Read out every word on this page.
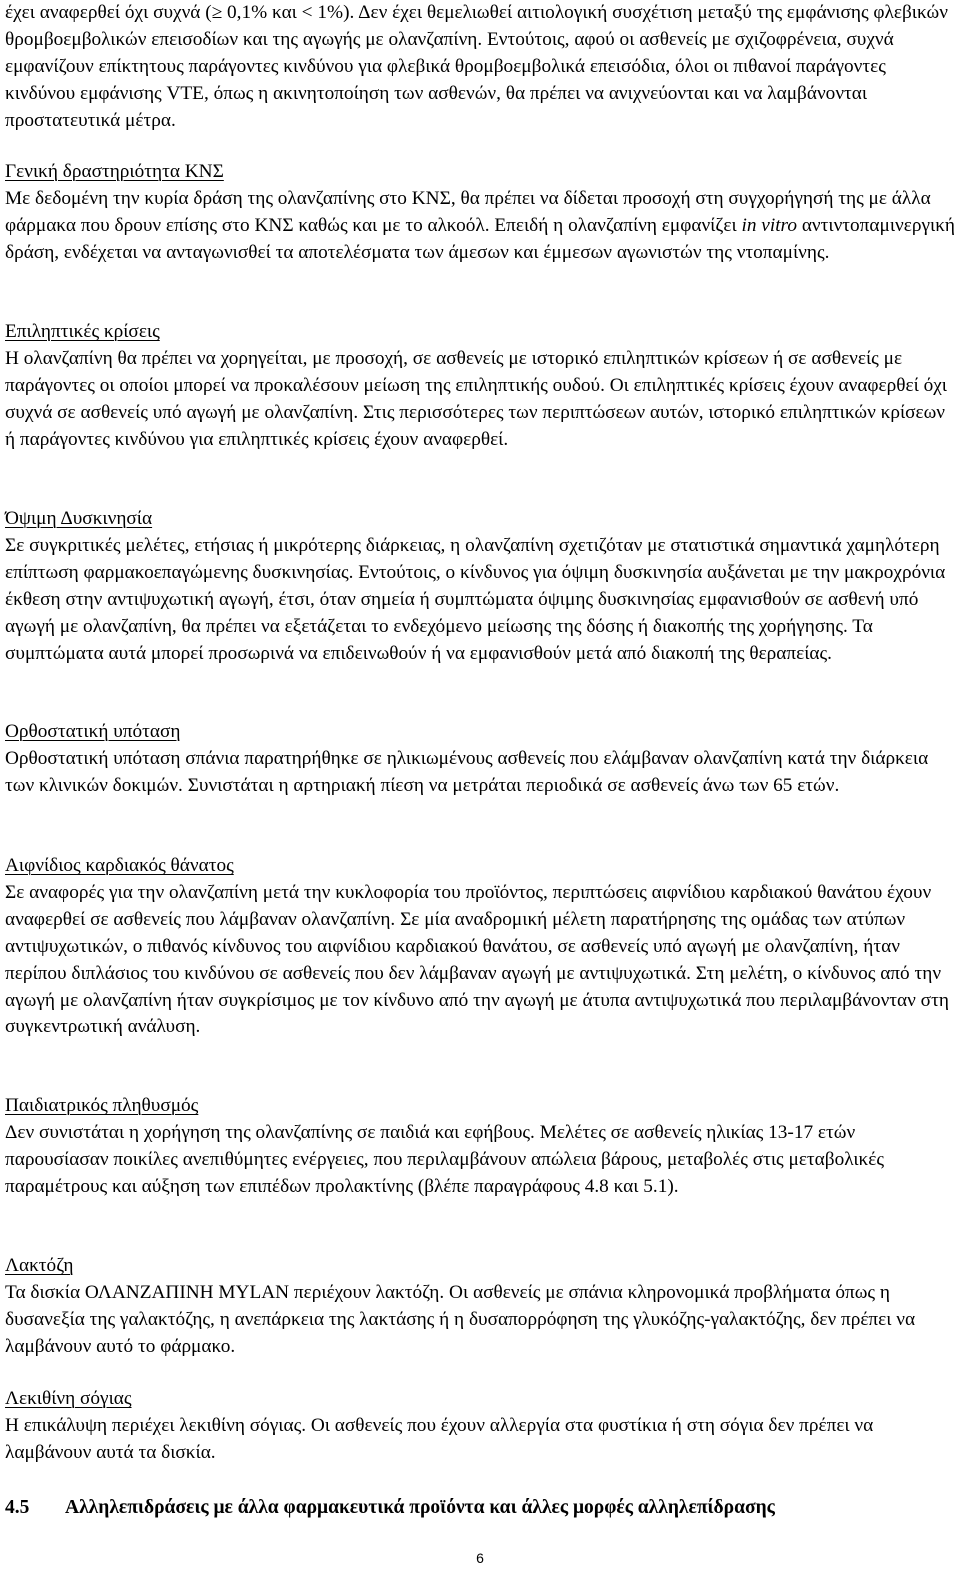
έχει αναφερθεί όχι συχνά (≥ 0,1% και < 1%). Δεν έχει θεμελιωθεί αιτιολογική συσχέτιση μεταξύ της εμφάνισης φλεβικών θρομβοεμβολικών επεισοδίων και της αγωγής με ολανζαπίνη. Εντούτοις, αφού οι ασθενείς με σχιζοφρένεια, συχνά εμφανίζουν επίκτητους παράγοντες κινδύνου για φλεβικά θρομβοεμβολικά επεισόδια, όλοι οι πιθανοί παράγοντες κινδύνου εμφάνισης VTE, όπως η ακινητοποίηση των ασθενών, θα πρέπει να ανιχνεύονται και να λαμβάνονται προστατευτικά μέτρα.

Γενική δραστηριότητα ΚΝΣ

Με δεδομένη την κυρία δράση της ολανζαπίνης στο ΚΝΣ, θα πρέπει να δίδεται προσοχή στη συγχορήγησή της με άλλα φάρμακα που δρουν επίσης στο ΚΝΣ καθώς και με το αλκοόλ. Επειδή η ολανζαπίνη εμφανίζει in vitro αντιντοπαμινεργική δράση, ενδέχεται να ανταγωνισθεί τα αποτελέσματα των άμεσων και έμμεσων αγωνιστών της ντοπαμίνης.

Επιληπτικές κρίσεις

Η ολανζαπίνη θα πρέπει να χορηγείται, με προσοχή, σε ασθενείς με ιστορικό επιληπτικών κρίσεων ή σε ασθενείς με παράγοντες οι οποίοι μπορεί να προκαλέσουν μείωση της επιληπτικής ουδού. Οι επιληπτικές κρίσεις έχουν αναφερθεί όχι συχνά σε ασθενείς υπό αγωγή με ολανζαπίνη. Στις περισσότερες των περιπτώσεων αυτών, ιστορικό επιληπτικών κρίσεων ή παράγοντες κινδύνου για επιληπτικές κρίσεις έχουν αναφερθεί.

Όψιμη Δυσκινησία

Σε συγκριτικές μελέτες, ετήσιας ή μικρότερης διάρκειας, η ολανζαπίνη σχετιζόταν με στατιστικά σημαντικά χαμηλότερη επίπτωση φαρμακοεπαγώμενης δυσκινησίας. Εντούτοις, ο κίνδυνος για όψιμη δυσκινησία αυξάνεται με την μακροχρόνια έκθεση στην αντιψυχωτική αγωγή, έτσι, όταν σημεία ή συμπτώματα όψιμης δυσκινησίας εμφανισθούν σε ασθενή υπό αγωγή με ολανζαπίνη, θα πρέπει να εξετάζεται το ενδεχόμενο μείωσης της δόσης ή διακοπής της χορήγησης. Τα συμπτώματα αυτά μπορεί προσωρινά να επιδεινωθούν ή να εμφανισθούν μετά από διακοπή της θεραπείας.

Ορθοστατική υπόταση

Ορθοστατική υπόταση σπάνια παρατηρήθηκε σε ηλικιωμένους ασθενείς που ελάμβαναν ολανζαπίνη κατά την διάρκεια των κλινικών δοκιμών. Συνιστάται η αρτηριακή πίεση να μετράται περιοδικά σε ασθενείς άνω των 65 ετών.

Αιφνίδιος καρδιακός θάνατος

Σε αναφορές για την ολανζαπίνη μετά την κυκλοφορία του προϊόντος, περιπτώσεις αιφνίδιου καρδιακού θανάτου έχουν αναφερθεί σε ασθενείς που λάμβαναν ολανζαπίνη. Σε μία αναδρομική μέλετη παρατήρησης της ομάδας των ατύπων αντιψυχωτικών, ο πιθανός κίνδυνος του αιφνίδιου καρδιακού θανάτου, σε ασθενείς υπό αγωγή με ολανζαπίνη, ήταν περίπου διπλάσιος του κινδύνου σε ασθενείς που δεν λάμβαναν αγωγή με αντιψυχωτικά. Στη μελέτη, ο κίνδυνος από την αγωγή με ολανζαπίνη ήταν συγκρίσιμος με τον κίνδυνο από την αγωγή με άτυπα αντιψυχωτικά που περιλαμβάνονταν στη συγκεντρωτική ανάλυση.

Παιδιατρικός πληθυσμός

Δεν συνιστάται η χορήγηση της ολανζαπίνης σε παιδιά και εφήβους. Μελέτες σε ασθενείς ηλικίας 13-17 ετών παρουσίασαν ποικίλες ανεπιθύμητες ενέργειες, που περιλαμβάνουν απώλεια βάρους, μεταβολές στις μεταβολικές παραμέτρους και αύξηση των επιπέδων προλακτίνης (βλέπε παραγράφους 4.8 και 5.1).

Λακτόζη

Τα δισκία ΟΛΑΝΖΑΠΙΝΗ MYLAN περιέχουν λακτόζη. Οι ασθενείς με σπάνια κληρονομικά προβλήματα όπως η δυσανεξία της γαλακτόζης, η ανεπάρκεια της λακτάσης ή η δυσαπορρόφηση της γλυκόζης-γαλακτόζης, δεν πρέπει να λαμβάνουν αυτό το φάρμακο.

Λεκιθίνη σόγιας

Η επικάλυψη περιέχει λεκιθίνη σόγιας. Οι ασθενείς που έχουν αλλεργία στα φυστίκια ή στη σόγια δεν πρέπει να λαμβάνουν αυτά τα δισκία.

4.5 Αλληλεπιδράσεις με άλλα φαρμακευτικά προϊόντα και άλλες μορφές αλληλεπίδρασης
6
